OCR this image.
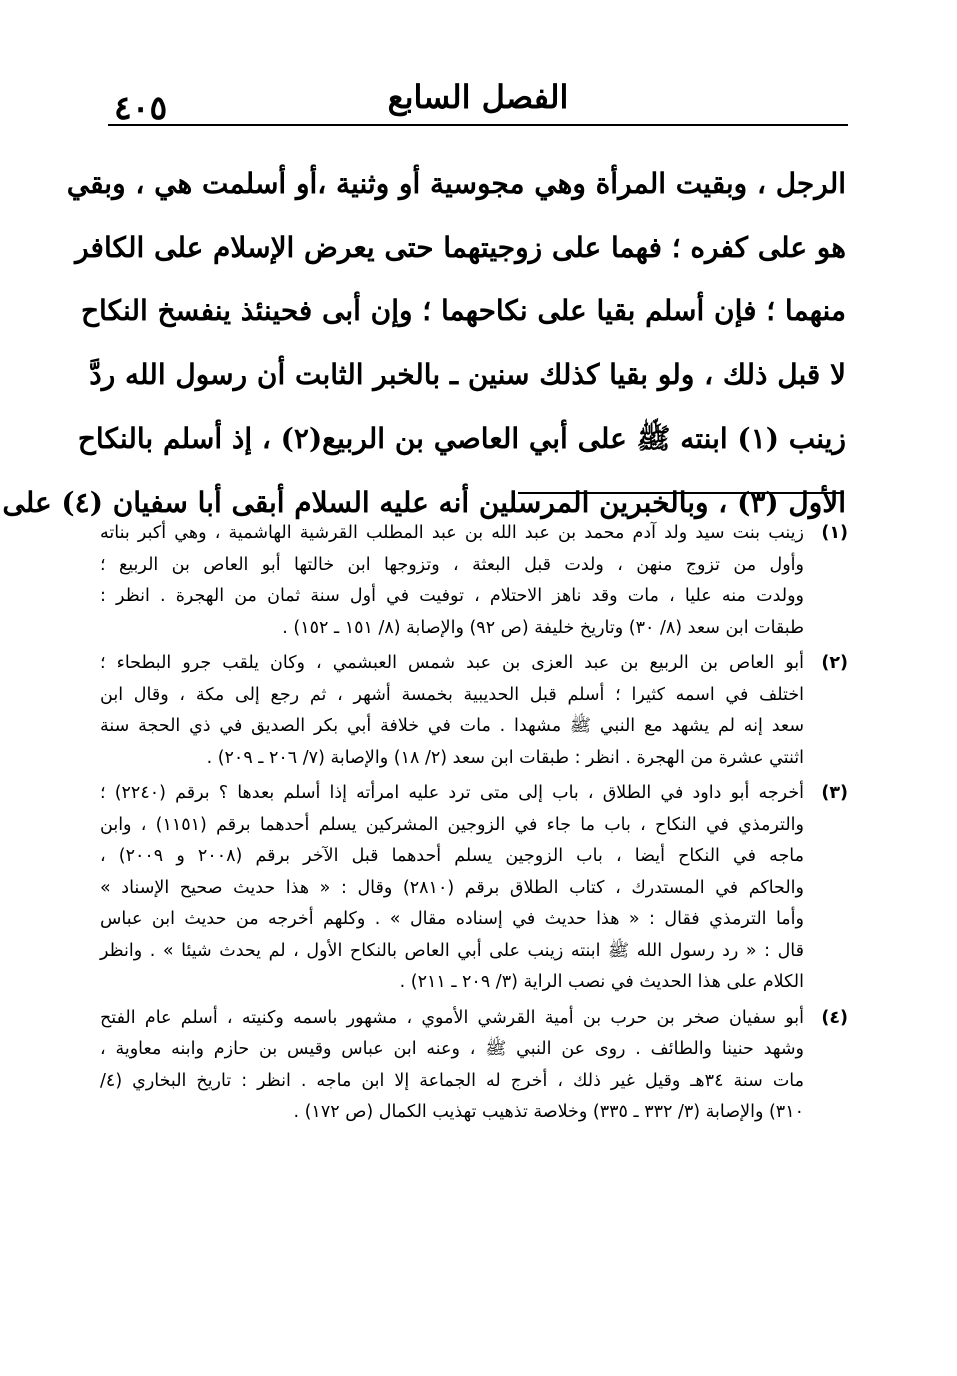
٤٠٥	الفصل السابع
الرجل ، وبقيت المرأة وهي مجوسية أو وثنية ،أو أسلمت هي ، وبقي
هو على كفره ؛ فهما على زوجيتهما حتى يعرض الإسلام على الكافر
منهما ؛ فإن أسلم بقيا على نكاحهما ؛ وإن أبى فحينئذ ينفسخ النكاح
لا قبل ذلك ، ولو بقيا كذلك سنين ـ بالخبر الثابت أن رسول الله ردَّ
زينب (١) ابنته ﷺ على أبي العاصي بن الربيع(٢) ، إذ أسلم بالنكاح
الأول (٣) ، وبالخبرين المرسلين أنه عليه السلام أبقى أبا سفيان (٤) على
(١)
زينب بنت سيد ولد آدم محمد بن عبد الله بن عبد المطلب القرشية الهاشمية ، وهي أكبر بناته
وأول من تزوج منهن ، ولدت قبل البعثة ، وتزوجها ابن خالتها أبو العاص بن الربيع ؛
وولدت منه عليا ، مات وقد ناهز الاحتلام ، توفيت في أول سنة ثمان من الهجرة . انظر :
طبقات ابن سعد (٨/ ٣٠) وتاريخ خليفة (ص ٩٢) والإصابة (٨/ ١٥١ ـ ١٥٢) .
(٢)
أبو العاص بن الربيع بن عبد العزى بن عبد شمس العبشمي ، وكان يلقب جرو البطحاء ؛
اختلف في اسمه كثيرا ؛ أسلم قبل الحديبية بخمسة أشهر ، ثم رجع إلى مكة ، وقال ابن
سعد إنه لم يشهد مع النبي ﷺ مشهدا . مات في خلافة أبي بكر الصديق في ذي الحجة سنة
اثنتي عشرة من الهجرة . انظر : طبقات ابن سعد (٢/ ١٨) والإصابة (٧/ ٢٠٦ ـ ٢٠٩) .
(٣)
أخرجه أبو داود في الطلاق ، باب إلى متى ترد عليه امرأته إذا أسلم بعدها ؟ برقم (٢٢٤٠) ؛
والترمذي في النكاح ، باب ما جاء في الزوجين المشركين يسلم أحدهما برقم (١١٥١) ، وابن
ماجه في النكاح أيضا ، باب الزوجين يسلم أحدهما قبل الآخر برقم (٢٠٠٨ و ٢٠٠٩) ،
والحاكم في المستدرك ، كتاب الطلاق برقم (٢٨١٠) وقال : « هذا حديث صحيح الإسناد »
وأما الترمذي فقال : « هذا حديث في إسناده مقال » . وكلهم أخرجه من حديث ابن عباس
قال : « رد رسول الله ﷺ ابنته زينب على أبي العاص بالنكاح الأول ، لم يحدث شيئا » . وانظر
الكلام على هذا الحديث في نصب الراية (٣/ ٢٠٩ ـ ٢١١) .
(٤)
أبو سفيان صخر بن حرب بن أمية القرشي الأموي ، مشهور باسمه وكنيته ، أسلم عام الفتح
وشهد حنينا والطائف . روى عن النبي ﷺ ، وعنه ابن عباس وقيس بن حازم وابنه معاوية ،
مات سنة ٣٤هـ وقيل غير ذلك ، أخرج له الجماعة إلا ابن ماجه . انظر : تاريخ البخاري (٤/
٣١٠) والإصابة (٣/ ٣٣٢ ـ ٣٣٥) وخلاصة تذهيب تهذيب الكمال (ص ١٧٢) .
